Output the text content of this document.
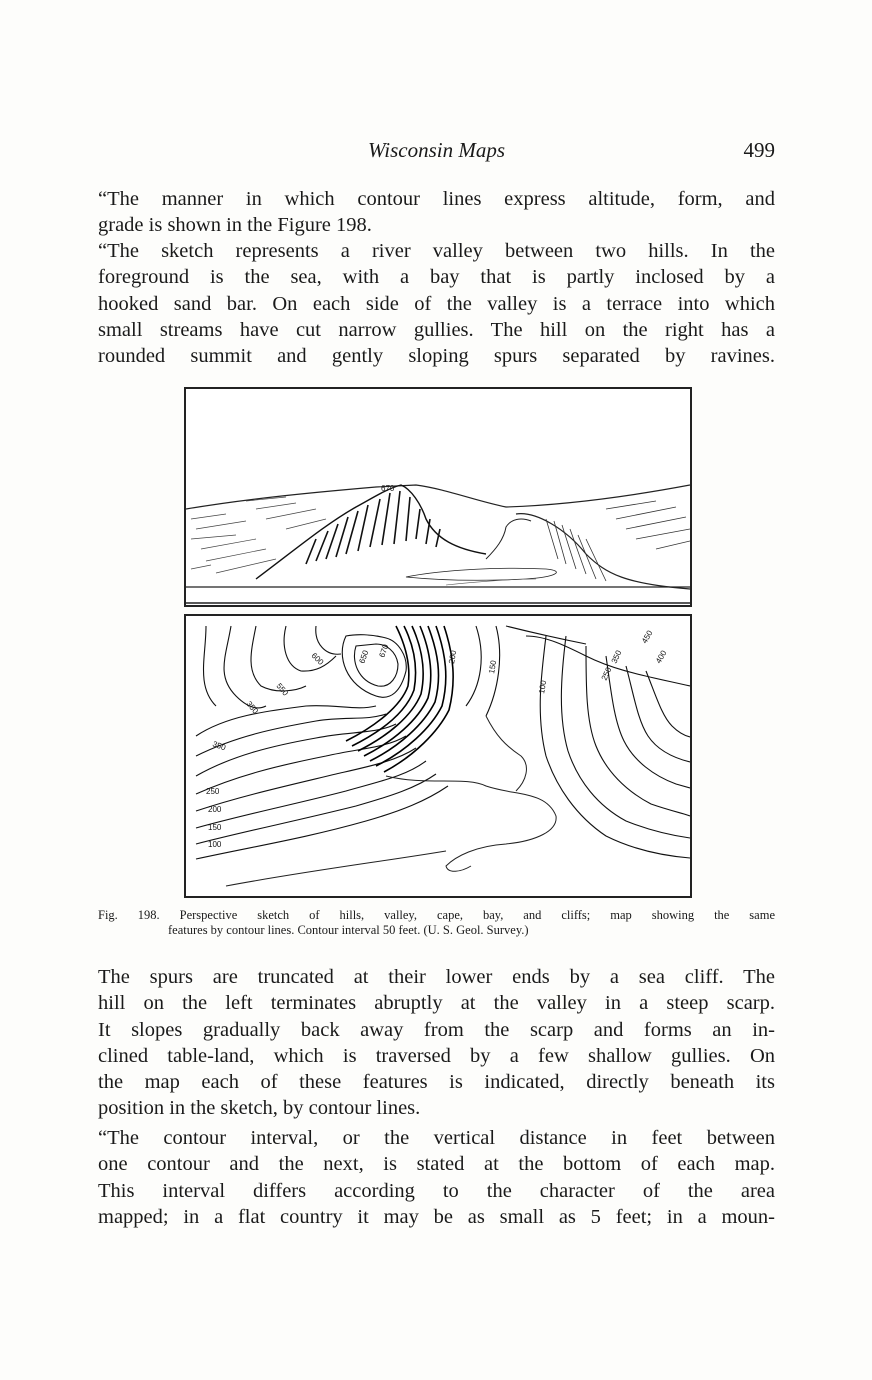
Wisconsin Maps	499
“The manner in which contour lines express altitude, form, and
grade is shown in the Figure 198.
“The sketch represents a river valley between two hills. In the
foreground is the sea, with a bay that is partly inclosed by a
hooked sand bar. On each side of the valley is a terrace into which
small streams have cut narrow gullies. The hill on the right has a
rounded summit and gently sloping spurs separated by ravines.
670
450
400
350
250
350
250
200
150
100
350
550
600	650 670	200
150
100
Fig. 198. Perspective sketch of hills, valley, cape, bay, and cliffs; map showing the same
features by contour lines. Contour interval 50 feet. (U. S. Geol. Survey.)
The spurs are truncated at their lower ends by a sea cliff. The
hill on the left terminates abruptly at the valley in a steep scarp.
It slopes gradually back away from the scarp and forms an in-
clined table-land, which is traversed by a few shallow gullies. On
the map each of these features is indicated, directly beneath its
position in the sketch, by contour lines.
“The contour interval, or the vertical distance in feet between
one contour and the next, is stated at the bottom of each map.
This interval differs according to the character of the area
mapped; in a flat country it may be as small as 5 feet; in a moun-
